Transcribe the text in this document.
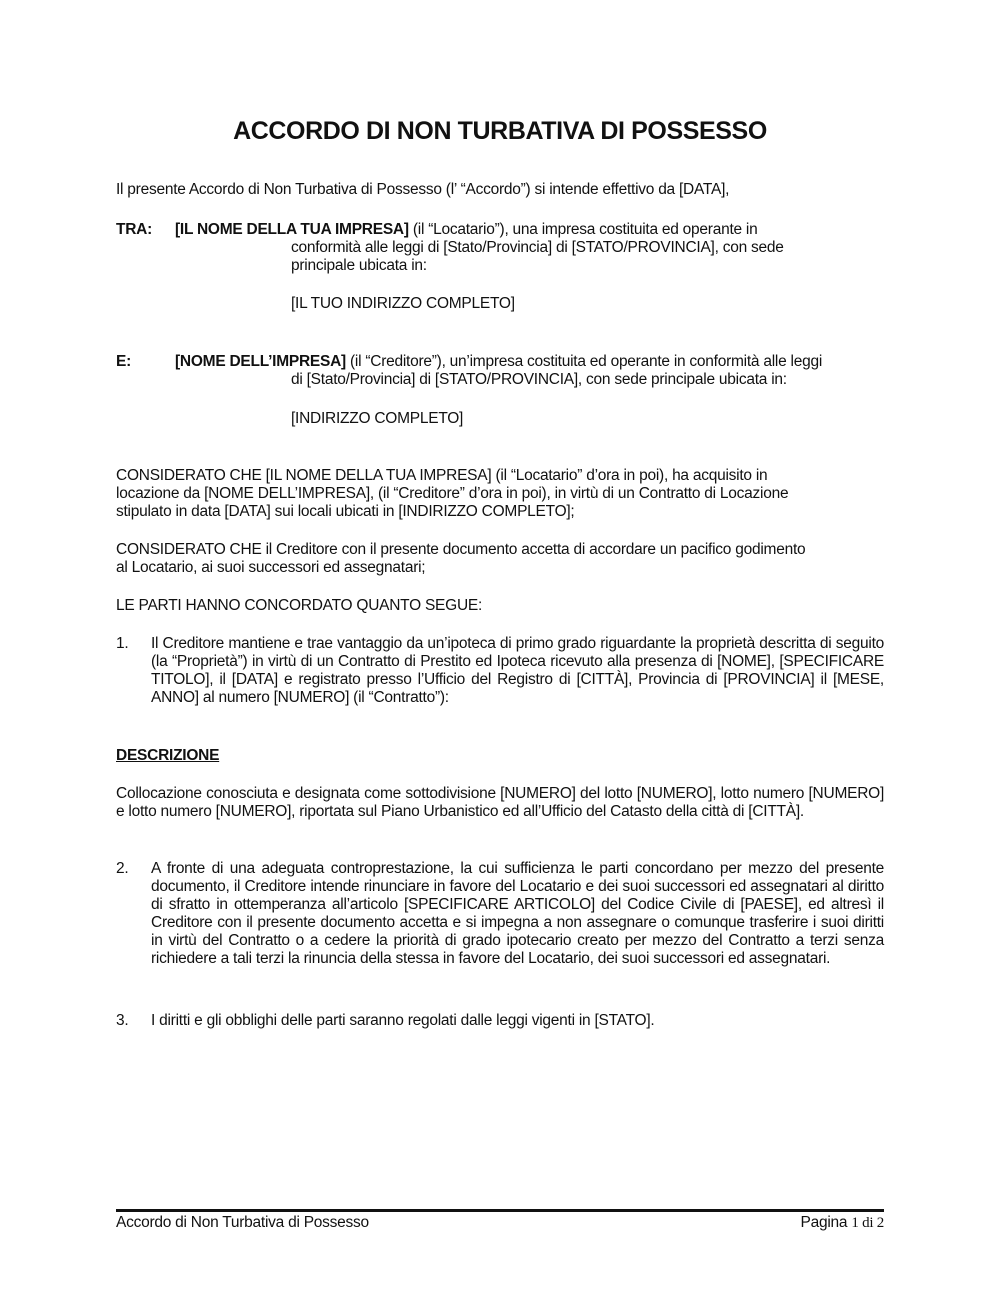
ACCORDO DI NON TURBATIVA DI POSSESSO
Il presente Accordo di Non Turbativa di Possesso (l’ “Accordo”) si intende effettivo da [DATA],
TRA: [IL NOME DELLA TUA IMPRESA] (il “Locatario”), una impresa costituita ed operante in
conformità alle leggi di [Stato/Provincia] di [STATO/PROVINCIA], con sede
principale ubicata in:
[IL TUO INDIRIZZO COMPLETO]
E:	[NOME DELL’IMPRESA] (il “Creditore”), un’impresa costituita ed operante in conformità alle leggi
di [Stato/Provincia] di [STATO/PROVINCIA], con sede principale ubicata in:
[INDIRIZZO COMPLETO]
CONSIDERATO CHE [IL NOME DELLA TUA IMPRESA] (il “Locatario” d’ora in poi), ha acquisito in
locazione da [NOME DELL’IMPRESA], (il “Creditore” d’ora in poi), in virtù di un Contratto di Locazione
stipulato in data [DATA] sui locali ubicati in [INDIRIZZO COMPLETO];
CONSIDERATO CHE il Creditore con il presente documento accetta di accordare un pacifico godimento
al Locatario, ai suoi successori ed assegnatari;
LE PARTI HANNO CONCORDATO QUANTO SEGUE:
1. Il Creditore mantiene e trae vantaggio da un’ipoteca di primo grado riguardante la proprietà descritta di seguito (la “Proprietà”) in virtù di un Contratto di Prestito ed Ipoteca ricevuto alla presenza di [NOME], [SPECIFICARE TITOLO], il [DATA] e registrato presso l’Ufficio del Registro di [CITTÀ], Provincia di [PROVINCIA] il [MESE, ANNO] al numero [NUMERO] (il “Contratto”):
DESCRIZIONE
Collocazione conosciuta e designata come sottodivisione [NUMERO] del lotto [NUMERO], lotto numero [NUMERO] e lotto numero [NUMERO], riportata sul Piano Urbanistico ed all’Ufficio del Catasto della città di [CITTÀ].
2. A fronte di una adeguata controprestazione, la cui sufficienza le parti concordano per mezzo del presente documento, il Creditore intende rinunciare in favore del Locatario e dei suoi successori ed assegnatari al diritto di sfratto in ottemperanza all’articolo [SPECIFICARE ARTICOLO] del Codice Civile di [PAESE], ed altresì il Creditore con il presente documento accetta e si impegna a non assegnare o comunque trasferire i suoi diritti in virtù del Contratto o a cedere la priorità di grado ipotecario creato per mezzo del Contratto a terzi senza richiedere a tali terzi la rinuncia della stessa in favore del Locatario, dei suoi successori ed assegnatari.
3. I diritti e gli obblighi delle parti saranno regolati dalle leggi vigenti in [STATO].
Accordo di Non Turbativa di Possesso	Pagina 1 di 2
